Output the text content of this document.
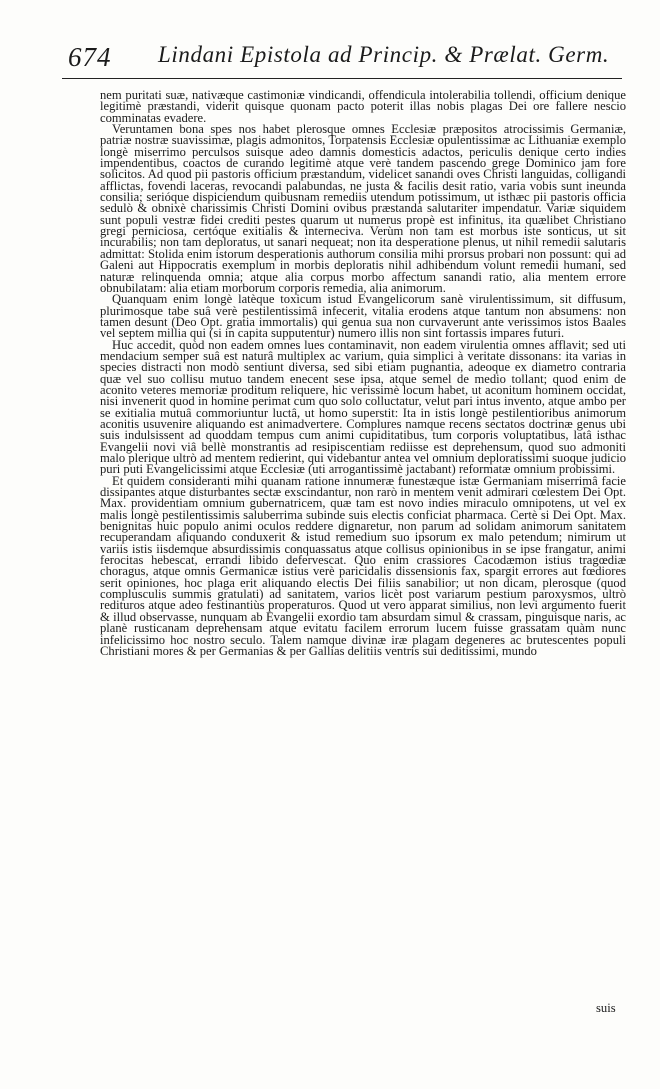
674 Lindani Epistola ad Princip. & Prælat. Germ.

nem puritati suæ, nativæque castimoniæ vindicandi, offendicula intolerabilia tollendi, officium denique legitimè præstandi, viderit quisque quonam pacto poterit illas nobis plagas Dei ore fallere nescio comminatas evadere.

Veruntamen bona spes nos habet plerosque omnes Ecclesiæ præpositos atrocissimis Germaniæ, patriæ nostræ suavissimæ, plagis admonitos, Torpatensis Ecclesiæ opulentissimæ ac Lithuaniæ exemplo longè miserrimo perculsos suisque adeo damnis domesticis adactos, periculis denique certo indies impendentibus, coactos de curando legitimè atque verè tandem pascendo grege Dominico jam fore solicitos. Ad quod pii pastoris officium præstandum, videlicet sanandi oves Christi languidas, colligandi afflictas, fovendi laceras, revocandi palabundas, ne justa & facilis desit ratio, varia vobis sunt ineunda consilia; serióque dispiciendum quibusnam remediis utendum potissimum, ut isthæc pii pastoris officia sedulò & obnixè charissimis Christi Domini ovibus præstanda salutariter impendatur. Variæ siquidem sunt populi vestræ fidei crediti pestes quarum ut numerus propè est infinitus, ita quælibet Christiano gregi perniciosa, certóque exitialis & interneciva. Verùm non tam est morbus iste sonticus, ut sit incurabilis; non tam deploratus, ut sanari nequeat; non ita desperatione plenus, ut nihil remedii salutaris admittat: Stolida enim istorum desperationis authorum consilia mihi prorsus probari non possunt: qui ad Galeni aut Hippocratis exemplum in morbis deploratis nihil adhibendum volunt remedii humani, sed naturæ relinquenda omnia; atque alia corpus morbo affectum sanandi ratio, alia mentem errore obnubilatam: alia etiam morborum corporis remedia, alia animorum.

Quanquam enim longè latèque toxicum istud Evangelicorum sanè virulentissimum, sit diffusum, plurimosque tabe suâ verè pestilentissimâ infecerit, vitalia erodens atque tantum non absumens: non tamen desunt (Deo Opt. gratia immortalis) qui genua sua non curvaverunt ante verissimos istos Baales vel septem millia qui (si in capita supputentur) numero illis non sint fortassis impares futuri.

Huc accedit, quòd non eadem omnes lues contaminavit, non eadem virulentia omnes afflavit; sed uti mendacium semper suâ est naturâ multiplex ac varium, quia simplici à veritate dissonans: ita varias in species distracti non modò sentiunt diversa, sed sibi etiam pugnantia, adeoque ex diametro contraria quæ vel suo collisu mutuo tandem enecent sese ipsa, atque semel de medio tollant; quod enim de aconito veteres memoriæ proditum reliquere, hic verissimè locum habet, ut aconitum hominem occidat, nisi invenerit quod in homine perimat cum quo solo colluctatur, velut pari intus invento, atque ambo per se exitialia mutuâ commoriuntur luctâ, ut homo superstit: Ita in istis longè pestilentioribus animorum aconitis usuvenire aliquando est animadvertere. Complures namque recens sectatos doctrinæ genus ubi suis indulsissent ad quoddam tempus cum animi cupiditatibus, tum corporis voluptatibus, latâ isthac Evangelii novi viâ bellè monstrantis ad resipiscentiam rediisse est deprehensum, quod suo admoniti malo plerique ultrò ad mentem redierint, qui videbantur antea vel omnium deploratissimi suoque judicio puri puti Evangelicissimi atque Ecclesiæ (uti arrogantissimè jactabant) reformatæ omnium probissimi.

Et quidem consideranti mihi quanam ratione innumeræ funestæque istæ Germaniam miserrimâ facie dissipantes atque disturbantes sectæ exscindantur, non rarò in mentem venit admirari cœlestem Dei Opt. Max. providentiam omnium gubernatricem, quæ tam est novo indies miraculo omnipotens, ut vel ex malis longè pestilentissimis saluberrima subinde suis electis conficiat pharmaca. Certè si Dei Opt. Max. benignitas huic populo animi oculos reddere dignaretur, non parum ad solidam animorum sanitatem recuperandam aliquando conduxerit & istud remedium suo ipsorum ex malo petendum; nimirum ut variis istis iisdemque absurdissimis conquassatus atque collisus opinionibus in se ipse frangatur, animi ferocitas hebescat, errandi libido defervescat. Quo enim crassiores Cacodæmon istius tragœdiæ choragus, atque omnis Germanicæ istius verè paricidalis dissensionis fax, spargit errores aut fœdiores serit opiniones, hoc plaga erit aliquando electis Dei filiis sanabilior; ut non dicam, plerosque (quod complusculis summis gratulati) ad sanitatem, varios licèt post variarum pestium paroxysmos, ultrò redituros atque adeo festinantiùs properaturos. Quod ut vero apparat similius, non levi argumento fuerit & illud observasse, nunquam ab Evangelii exordio tam absurdam simul & crassam, pinguisque naris, ac planè rusticanam deprehensam atque evitatu facilem errorum lucem fuisse grassatam quàm nunc infelicissimo hoc nostro seculo. Talem namque divinæ iræ plagam degeneres ac brutescentes populi Christiani mores & per Germanias & per Gallias delitiis ventris sui deditissimi, mundo

suis
